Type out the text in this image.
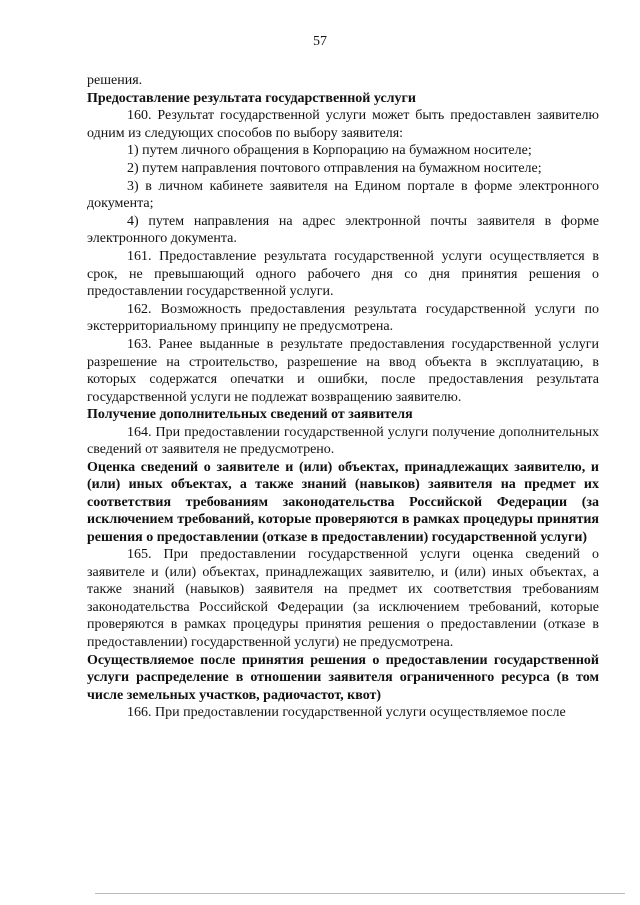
57

решения.

Предоставление результата государственной услуги

160. Результат государственной услуги может быть предоставлен заявителю одним из следующих способов по выбору заявителя:

1) путем личного обращения в Корпорацию на бумажном носителе;

2) путем направления почтового отправления на бумажном носителе;

3) в личном кабинете заявителя на Едином портале в форме электронного документа;

4) путем направления на адрес электронной почты заявителя в форме электронного документа.

161. Предоставление результата государственной услуги осуществляется в срок, не превышающий одного рабочего дня со дня принятия решения о предоставлении государственной услуги.

162. Возможность предоставления результата государственной услуги по экстерриториальному принципу не предусмотрена.

163. Ранее выданные в результате предоставления государственной услуги разрешение на строительство, разрешение на ввод объекта в эксплуатацию, в которых содержатся опечатки и ошибки, после предоставления результата государственной услуги не подлежат возвращению заявителю.

Получение дополнительных сведений от заявителя

164. При предоставлении государственной услуги получение дополнительных сведений от заявителя не предусмотрено.

Оценка сведений о заявителе и (или) объектах, принадлежащих заявителю, и (или) иных объектах, а также знаний (навыков) заявителя на предмет их соответствия требованиям законодательства Российской Федерации (за исключением требований, которые проверяются в рамках процедуры принятия решения о предоставлении (отказе в предоставлении) государственной услуги)

165. При предоставлении государственной услуги оценка сведений о заявителе и (или) объектах, принадлежащих заявителю, и (или) иных объектах, а также знаний (навыков) заявителя на предмет их соответствия требованиям законодательства Российской Федерации (за исключением требований, которые проверяются в рамках процедуры принятия решения о предоставлении (отказе в предоставлении) государственной услуги) не предусмотрена.

Осуществляемое после принятия решения о предоставлении государственной услуги распределение в отношении заявителя ограниченного ресурса (в том числе земельных участков, радиочастот, квот)

166. При предоставлении государственной услуги осуществляемое после
